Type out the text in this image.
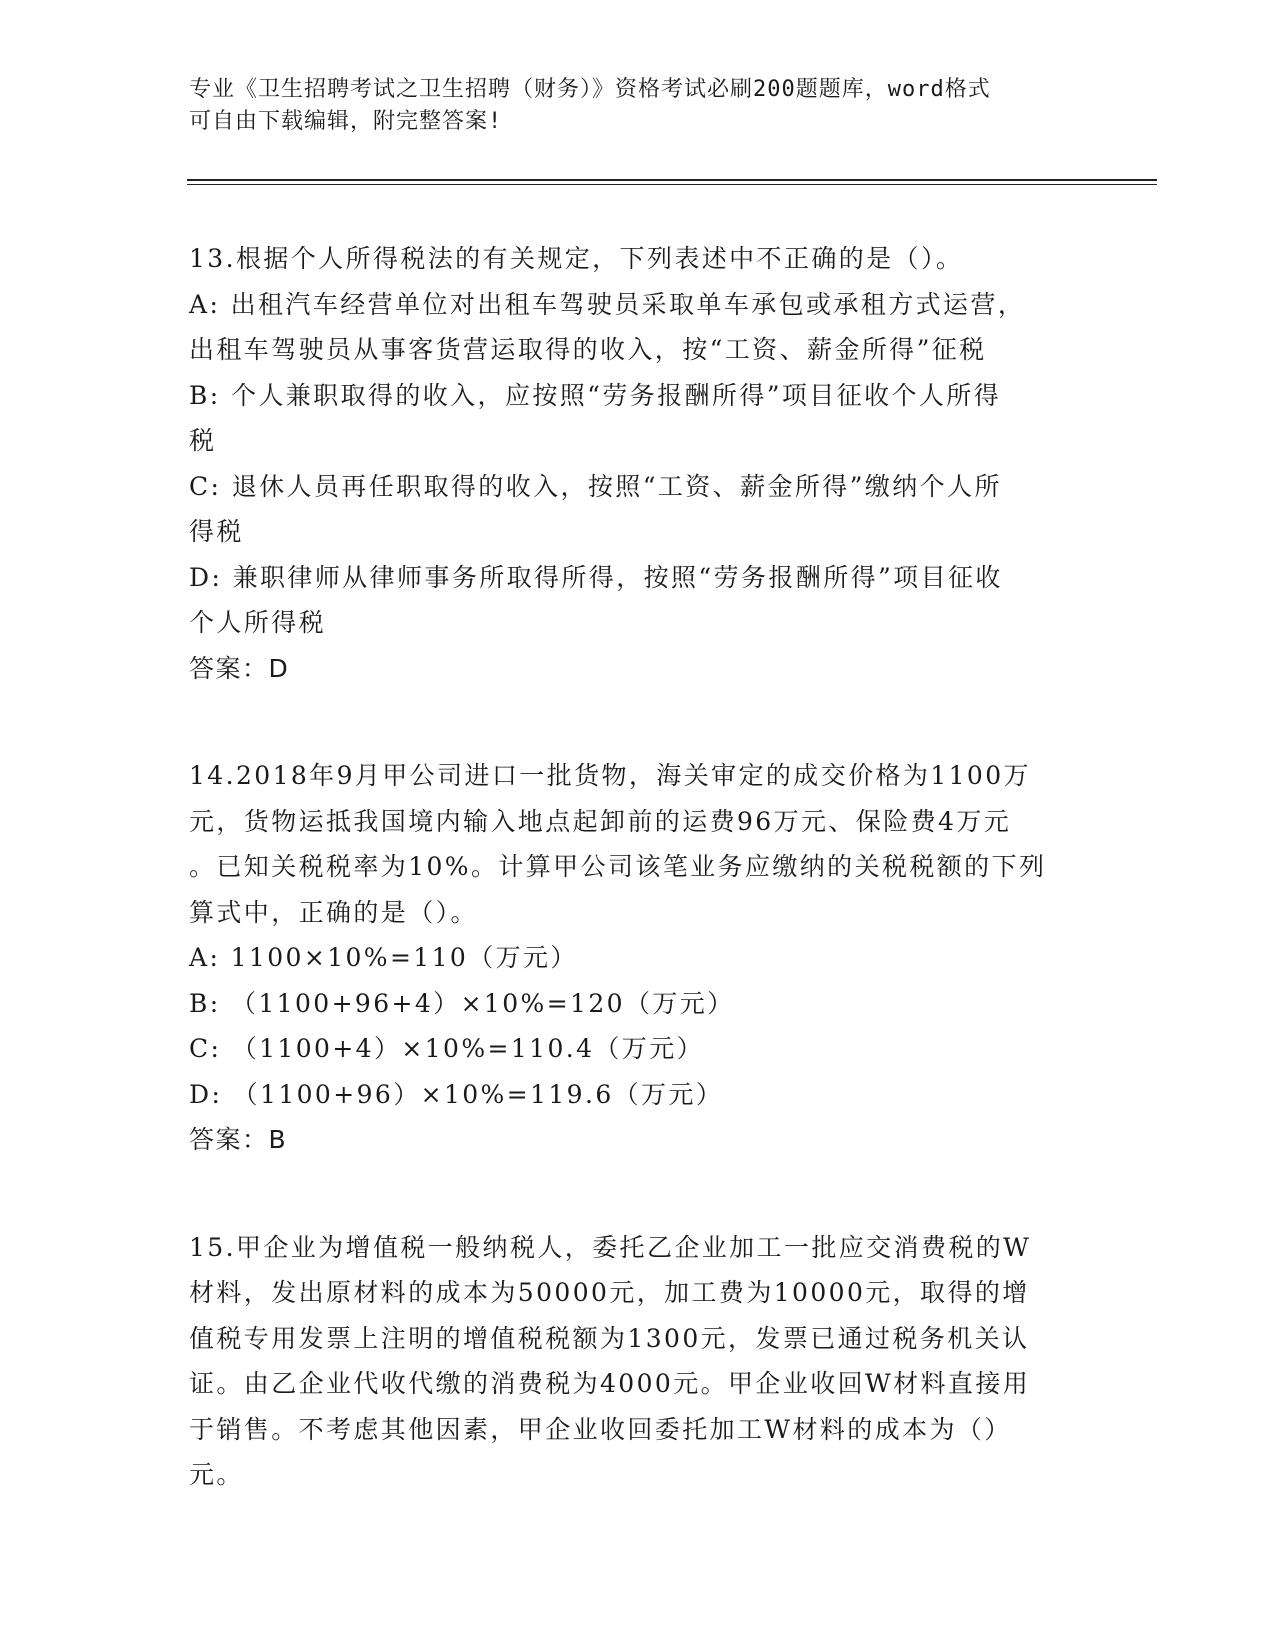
专业《卫生招聘考试之卫生招聘（财务）》资格考试必刷200题题库，word格式
可自由下载编辑，附完整答案!
13.根据个人所得税法的有关规定，下列表述中不正确的是（）。
A: 出租汽车经营单位对出租车驾驶员采取单车承包或承租方式运营，
出租车驾驶员从事客货营运取得的收入，按“工资、薪金所得”征税
B: 个人兼职取得的收入，应按照“劳务报酬所得”项目征收个人所得
税
C: 退休人员再任职取得的收入，按照“工资、薪金所得”缴纳个人所
得税
D: 兼职律师从律师事务所取得所得，按照“劳务报酬所得”项目征收
个人所得税
答案：D
14.2018年9月甲公司进口一批货物，海关审定的成交价格为1100万
元，货物运抵我国境内输入地点起卸前的运费96万元、保险费4万元
。已知关税税率为10%。计算甲公司该笔业务应缴纳的关税税额的下列
算式中，正确的是（）。
A: 1100×10%=110（万元）
B: （1100+96+4）×10%=120（万元）
C: （1100+4）×10%=110.4（万元）
D: （1100+96）×10%=119.6（万元）
答案：B
15.甲企业为增值税一般纳税人，委托乙企业加工一批应交消费税的W
材料，发出原材料的成本为50000元，加工费为10000元，取得的增
值税专用发票上注明的增值税税额为1300元，发票已通过税务机关认
证。由乙企业代收代缴的消费税为4000元。甲企业收回W材料直接用
于销售。不考虑其他因素，甲企业收回委托加工W材料的成本为（）
元。
